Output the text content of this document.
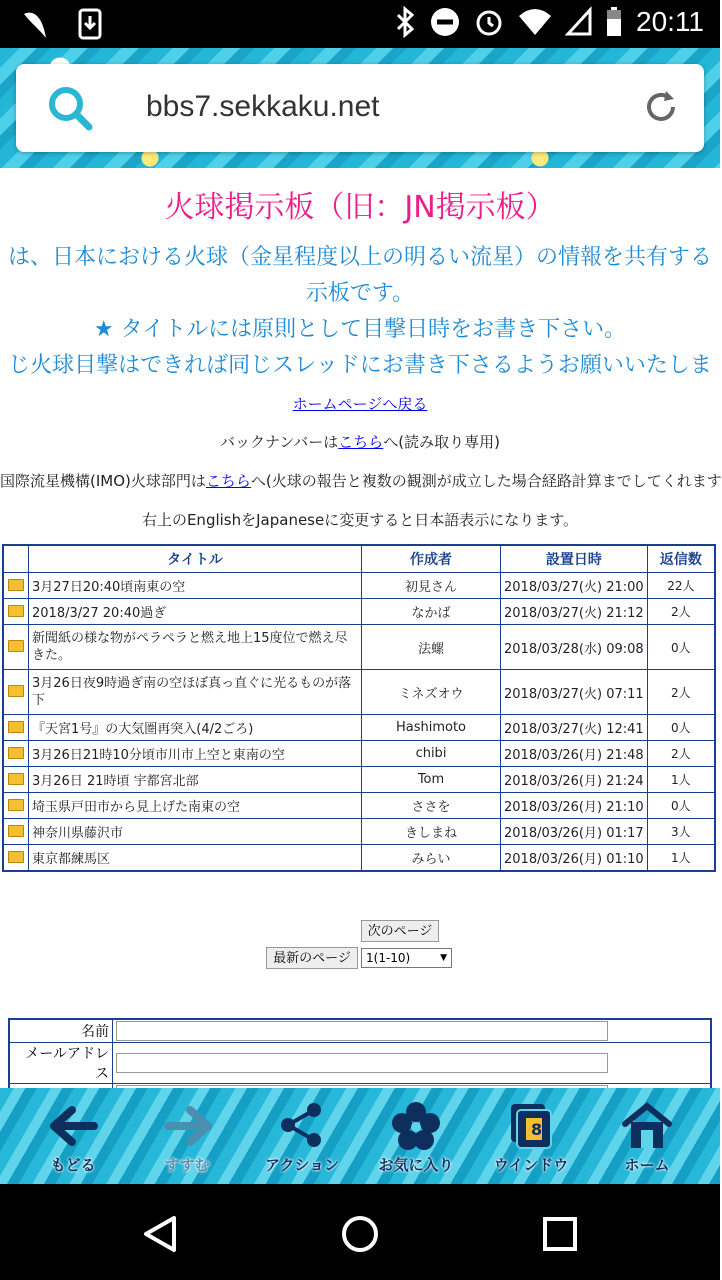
20:11
bbs7.sekkaku.net
火球掲示板（旧：JN掲示板）
は、日本における火球（金星程度以上の明るい流星）の情報を共有する
示板です。
★ タイトルには原則として目撃日時をお書き下さい。
じ火球目撃はできれば同じスレッドにお書き下さるようお願いいたしま
ホームページへ戻る
バックナンバーはこちらへ(読み取り専用)
国際流星機構(IMO)火球部門はこちらへ(火球の報告と複数の観測が成立した場合経路計算までしてくれます
右上のEnglishをJapaneseに変更すると日本語表示になります。
	タイトル	作成者	設置日時	返信数
	3月27日20:40頃南東の空	初見さん	2018/03/27(火) 21:00	22人
	2018/3/27 20:40過ぎ	なかば	2018/03/27(火) 21:12	2人
	新聞紙の様な物がペラペラと燃え地上15度位で燃え尽きた。	法螺	2018/03/28(水) 09:08	0人
	3月26日夜9時過ぎ南の空ほぼ真っ直ぐに光るものが落下	ミネズオウ	2018/03/27(火) 07:11	2人
	『天宮1号』の大気圏再突入(4/2ごろ)	Hashimoto	2018/03/27(火) 12:41	0人
	3月26日21時10分頃市川市上空と東南の空	chibi	2018/03/26(月) 21:48	2人
	3月26日 21時頃 宇都宮北部	Tom	2018/03/26(月) 21:24	1人
	埼玉県戸田市から見上げた南東の空	ささを	2018/03/26(月) 21:10	0人
	神奈川県藤沢市	きしまね	2018/03/26(月) 01:17	3人
	東京都練馬区	みらい	2018/03/26(月) 01:10	1人
次のページ
最新のページ	1(1-10)	▼
名前	

メールアドレス	

もどる	すすむ	アクション	お気に入り
8
ウインドウ	ホーム
